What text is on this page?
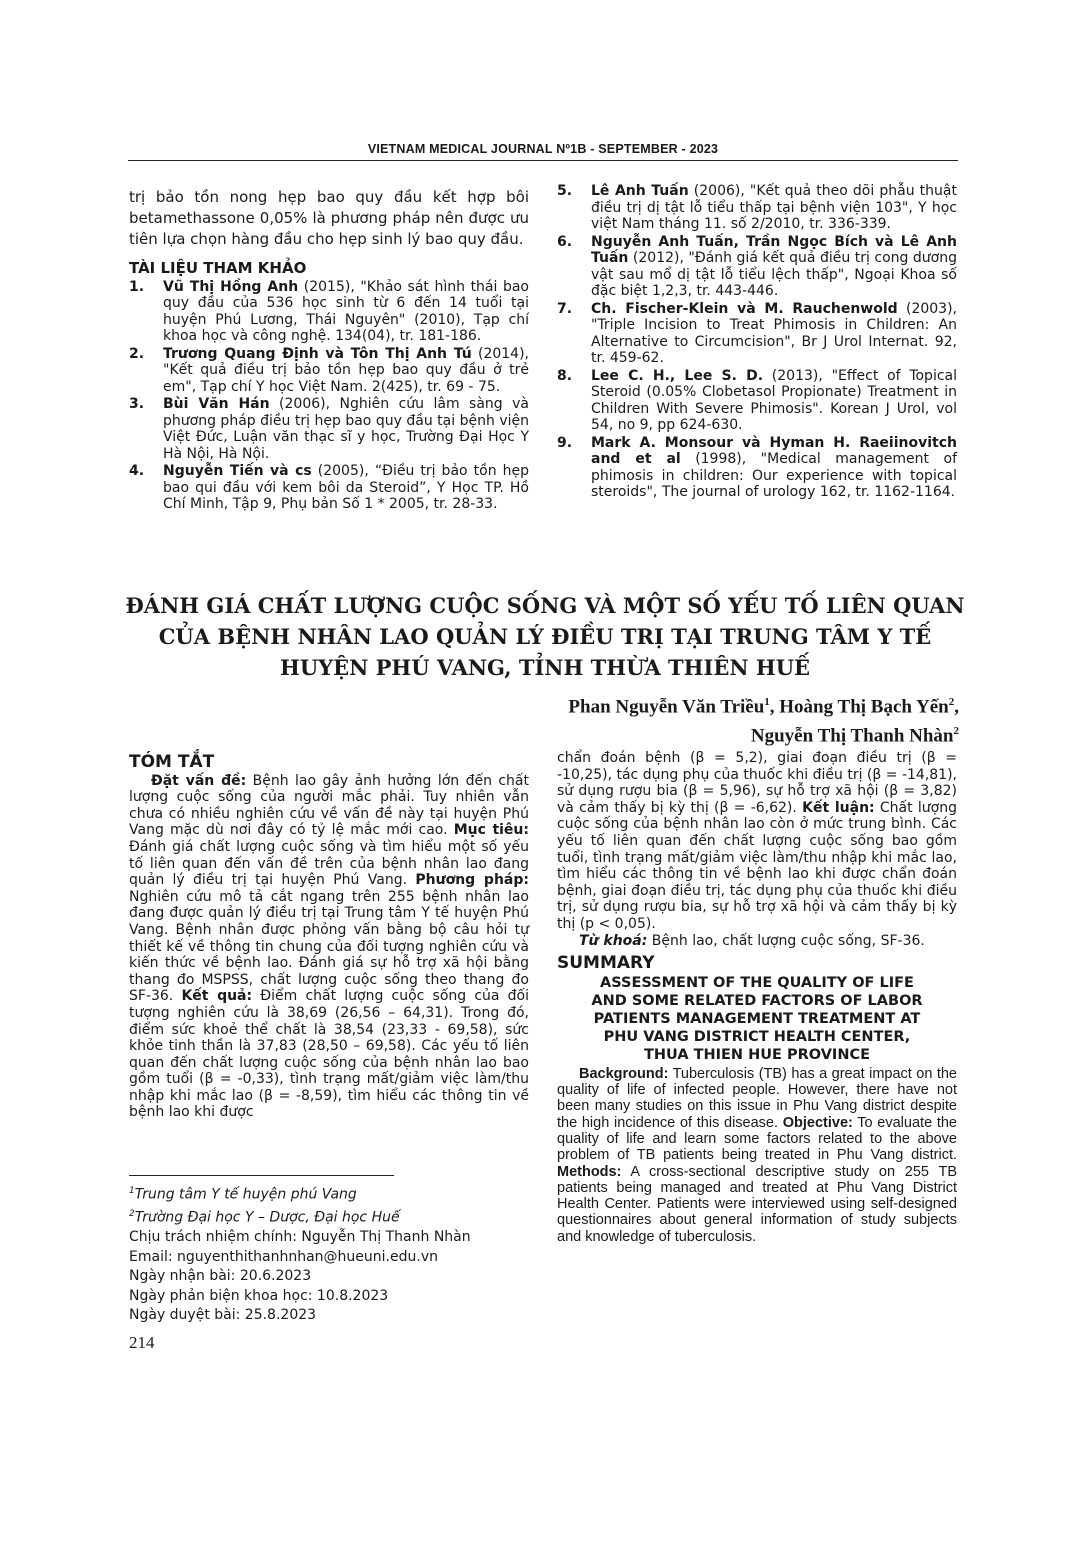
VIETNAM MEDICAL JOURNAL Nº1B - SEPTEMBER - 2023

trị bảo tồn nong hẹp bao quy đầu kết hợp bôi betamethassone 0,05% là phương pháp nên được ưu tiên lựa chọn hàng đầu cho hẹp sinh lý bao quy đầu.

TÀI LIỆU THAM KHẢO
1. Vũ Thị Hồng Anh (2015), "Khảo sát hình thái bao quy đầu của 536 học sinh từ 6 đến 14 tuổi tại huyện Phú Lương, Thái Nguyên" (2010), Tạp chí khoa học và công nghệ. 134(04), tr. 181-186.
2. Trương Quang Định và Tôn Thị Anh Tú (2014), "Kết quả điều trị bảo tồn hẹp bao quy đầu ở trẻ em", Tạp chí Y học Việt Nam. 2(425), tr. 69 - 75.
3. Bùi Văn Hán (2006), Nghiên cứu lâm sàng và phương pháp điều trị hẹp bao quy đầu tại bệnh viện Việt Đức, Luận văn thạc sĩ y học, Trường Đại Học Y Hà Nội, Hà Nội.
4. Nguyễn Tiến và cs (2005), “Điều trị bảo tồn hẹp bao qui đầu với kem bôi da Steroid”, Y Học TP. Hồ Chí Minh, Tập 9, Phụ bản Số 1 * 2005, tr. 28-33.
5. Lê Anh Tuấn (2006), "Kết quả theo dõi phẫu thuật điều trị dị tật lỗ tiểu thấp tại bệnh viện 103", Y học việt Nam tháng 11. số 2/2010, tr. 336-339.
6. Nguyễn Anh Tuấn, Trần Ngọc Bích và Lê Anh Tuấn (2012), "Đánh giá kết quả điều trị cong dương vật sau mổ dị tật lỗ tiểu lệch thấp", Ngoại Khoa số đặc biệt 1,2,3, tr. 443-446.
7. Ch. Fischer-Klein và M. Rauchenwold (2003), "Triple Incision to Treat Phimosis in Children: An Alternative to Circumcision", Br J Urol Internat. 92, tr. 459-62.
8. Lee C. H., Lee S. D. (2013), "Effect of Topical Steroid (0.05% Clobetasol Propionate) Treatment in Children With Severe Phimosis". Korean J Urol, vol 54, no 9, pp 624-630.
9. Mark A. Monsour và Hyman H. Raeiinovitch and et al (1998), "Medical management of phimosis in children: Our experience with topical steroids", The journal of urology 162, tr. 1162-1164.
ĐÁNH GIÁ CHẤT LƯỢNG CUỘC SỐNG VÀ MỘT SỐ YẾU TỐ LIÊN QUAN
CỦA BỆNH NHÂN LAO QUẢN LÝ ĐIỀU TRỊ TẠI TRUNG TÂM Y TẾ
HUYỆN PHÚ VANG, TỈNH THỪA THIÊN HUẾ
Phan Nguyễn Văn Triều$^1$, Hoàng Thị Bạch Yến$^2$,
Nguyễn Thị Thanh Nhàn$^2$
TÓM TẮT

Đặt vấn đề: Bệnh lao gây ảnh hưởng lớn đến chất lượng cuộc sống của người mắc phải. Tuy nhiên vẫn chưa có nhiều nghiên cứu về vấn đề này tại huyện Phú Vang mặc dù nơi đây có tỷ lệ mắc mới cao. Mục tiêu: Đánh giá chất lượng cuộc sống và tìm hiểu một số yếu tố liên quan đến vấn đề trên của bệnh nhân lao đang quản lý điều trị tại huyện Phú Vang. Phương pháp: Nghiên cứu mô tả cắt ngang trên 255 bệnh nhân lao đang được quản lý điều trị tại Trung tâm Y tế huyện Phú Vang. Bệnh nhân được phỏng vấn bằng bộ câu hỏi tự thiết kế về thông tin chung của đối tượng nghiên cứu và kiến thức về bệnh lao. Đánh giá sự hỗ trợ xã hội bằng thang đo MSPSS, chất lượng cuộc sống theo thang đo SF-36. Kết quả: Điểm chất lượng cuộc sống của đối tượng nghiên cứu là 38,69 (26,56 – 64,31). Trong đó, điểm sức khoẻ thể chất là 38,54 (23,33 - 69,58), sức khỏe tinh thần là 37,83 (28,50 – 69,58). Các yếu tố liên quan đến chất lượng cuộc sống của bệnh nhân lao bao gồm tuổi (β = -0,33), tình trạng mất/giảm việc làm/thu nhập khi mắc lao (β = -8,59), tìm hiểu các thông tin về bệnh lao khi được

chẩn đoán bệnh (β = 5,2), giai đoạn điều trị (β = -10,25), tác dụng phụ của thuốc khi điều trị (β = -14,81), sử dụng rượu bia (β = 5,96), sự hỗ trợ xã hội (β = 3,82) và cảm thấy bị kỳ thị (β = -6,62). Kết luận: Chất lượng cuộc sống của bệnh nhân lao còn ở mức trung bình. Các yếu tố liên quan đến chất lượng cuộc sống bao gồm tuổi, tình trạng mất/giảm việc làm/thu nhập khi mắc lao, tìm hiểu các thông tin về bệnh lao khi được chẩn đoán bệnh, giai đoạn điều trị, tác dụng phụ của thuốc khi điều trị, sử dụng rượu bia, sự hỗ trợ xã hội và cảm thấy bị kỳ thị (p < 0,05).

Từ khoá: Bệnh lao, chất lượng cuộc sống, SF-36.

SUMMARY
ASSESSMENT OF THE QUALITY OF LIFE
AND SOME RELATED FACTORS OF LABOR
PATIENTS MANAGEMENT TREATMENT AT
PHU VANG DISTRICT HEALTH CENTER,
THUA THIEN HUE PROVINCE

Background: Tuberculosis (TB) has a great impact on the quality of life of infected people. However, there have not been many studies on this issue in Phu Vang district despite the high incidence of this disease. Objective: To evaluate the quality of life and learn some factors related to the above problem of TB patients being treated in Phu Vang district. Methods: A cross-sectional descriptive study on 255 TB patients being managed and treated at Phu Vang District Health Center. Patients were interviewed using self-designed questionnaires about general information of study subjects and knowledge of tuberculosis.

$^1$Trung tâm Y tế huyện phú Vang
$^2$Trường Đại học Y – Dược, Đại học Huế
Chịu trách nhiệm chính: Nguyễn Thị Thanh Nhàn
Email: nguyenthithanhnhan@hueuni.edu.vn
Ngày nhận bài: 20.6.2023
Ngày phản biện khoa học: 10.8.2023
Ngày duyệt bài: 25.8.2023
214
